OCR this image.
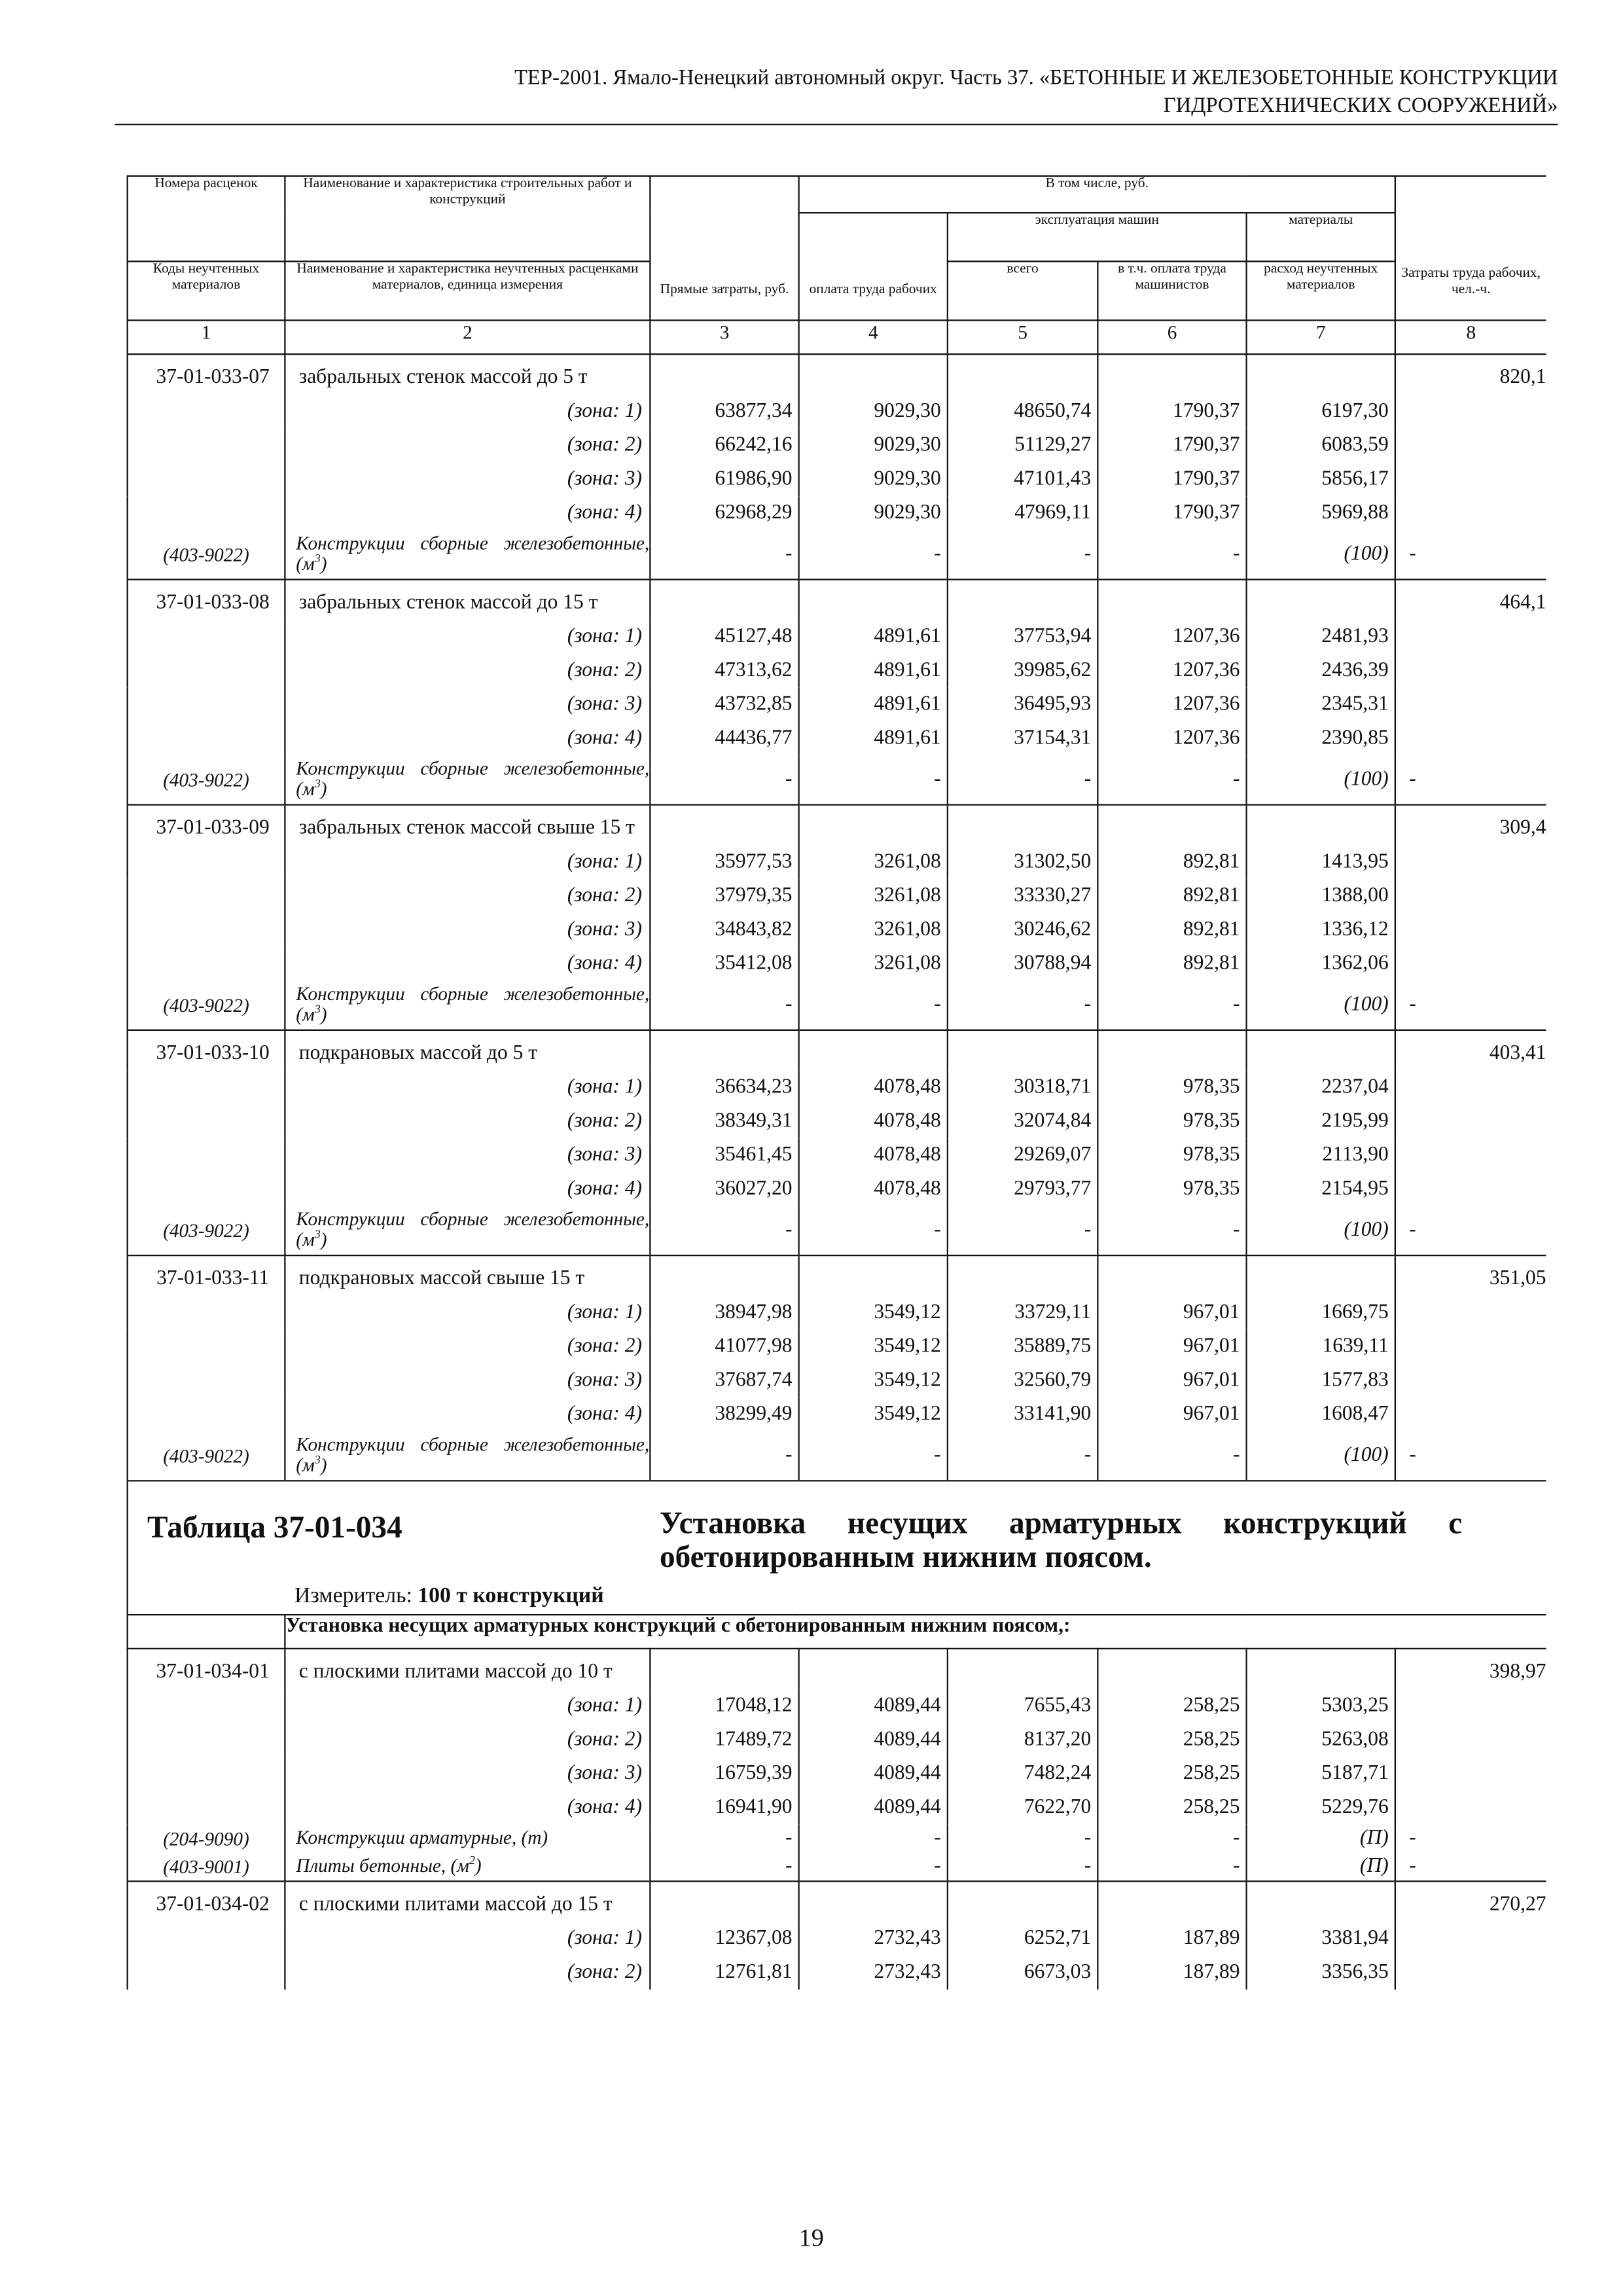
ТЕР-2001. Ямало-Ненецкий автономный округ. Часть 37. «БЕТОННЫЕ И ЖЕЛЕЗОБЕТОННЫЕ КОНСТРУКЦИИ
ГИДРОТЕХНИЧЕСКИХ СООРУЖЕНИЙ»
Номера расценок	Наименование и характеристика строительных работ и конструкций	Прямые затраты, руб.	В том числе, руб.				Затраты труда рабочих, чел.-ч.
			оплата труда рабочих	эксплуатация машин		материалы	
				всего	в т.ч. оплата труда машинистов	расход неучтенных материалов	
Коды неучтенных материалов	Наименование и характеристика неучтенных расценками материалов, единица измерения						
1	2	3	4	5	6	7	8
37-01-033-07	забральных стенок массой до 5 т						820,1
	(зона: 1)	63877,34	9029,30	48650,74	1790,37	6197,30	
	(зона: 2)	66242,16	9029,30	51129,27	1790,37	6083,59	
	(зона: 3)	61986,90	9029,30	47101,43	1790,37	5856,17	
	(зона: 4)	62968,29	9029,30	47969,11	1790,37	5969,88	
(403-9022)	Конструкции сборные железобетонные, $(м^3)$	-	-	-	-	(100)	-
37-01-033-08	забральных стенок массой до 15 т						464,1
	(зона: 1)	45127,48	4891,61	37753,94	1207,36	2481,93	
	(зона: 2)	47313,62	4891,61	39985,62	1207,36	2436,39	
	(зона: 3)	43732,85	4891,61	36495,93	1207,36	2345,31	
	(зона: 4)	44436,77	4891,61	37154,31	1207,36	2390,85	
(403-9022)	Конструкции сборные железобетонные, $(м^3)$	-	-	-	-	(100)	-
37-01-033-09	забральных стенок массой свыше 15 т						309,4
	(зона: 1)	35977,53	3261,08	31302,50	892,81	1413,95	
	(зона: 2)	37979,35	3261,08	33330,27	892,81	1388,00	
	(зона: 3)	34843,82	3261,08	30246,62	892,81	1336,12	
	(зона: 4)	35412,08	3261,08	30788,94	892,81	1362,06	
(403-9022)	Конструкции сборные железобетонные, $(м^3)$	-	-	-	-	(100)	-
37-01-033-10	подкрановых массой до 5 т						403,41
	(зона: 1)	36634,23	4078,48	30318,71	978,35	2237,04	
	(зона: 2)	38349,31	4078,48	32074,84	978,35	2195,99	
	(зона: 3)	35461,45	4078,48	29269,07	978,35	2113,90	
	(зона: 4)	36027,20	4078,48	29793,77	978,35	2154,95	
(403-9022)	Конструкции сборные железобетонные, $(м^3)$	-	-	-	-	(100)	-
37-01-033-11	подкрановых массой свыше 15 т						351,05
	(зона: 1)	38947,98	3549,12	33729,11	967,01	1669,75	
	(зона: 2)	41077,98	3549,12	35889,75	967,01	1639,11	
	(зона: 3)	37687,74	3549,12	32560,79	967,01	1577,83	
	(зона: 4)	38299,49	3549,12	33141,90	967,01	1608,47	
(403-9022)	Конструкции сборные железобетонные, $(м^3)$	-	-	-	-	(100)	-

Таблица 37-01-034 Установка несущих арматурных конструкций с обетонированным нижним поясом.
Измеритель: 100 т конструкций							

	Установка несущих арматурных конструкций с обетонированным нижним поясом,:						
37-01-034-01	с плоскими плитами массой до 10 т						398,97
	(зона: 1)	17048,12	4089,44	7655,43	258,25	5303,25	
	(зона: 2)	17489,72	4089,44	8137,20	258,25	5263,08	
	(зона: 3)	16759,39	4089,44	7482,24	258,25	5187,71	
	(зона: 4)	16941,90	4089,44	7622,70	258,25	5229,76	
(204-9090)	Конструкции арматурные, (т)	-	-	-	-	(П)	-
(403-9001)	Плиты бетонные, $(м^2)$	-	-	-	-	(П)	-
37-01-034-02	с плоскими плитами массой до 15 т						270,27
	(зона: 1)	12367,08	2732,43	6252,71	187,89	3381,94	
	(зона: 2)	12761,81	2732,43	6673,03	187,89	3356,35	
19
